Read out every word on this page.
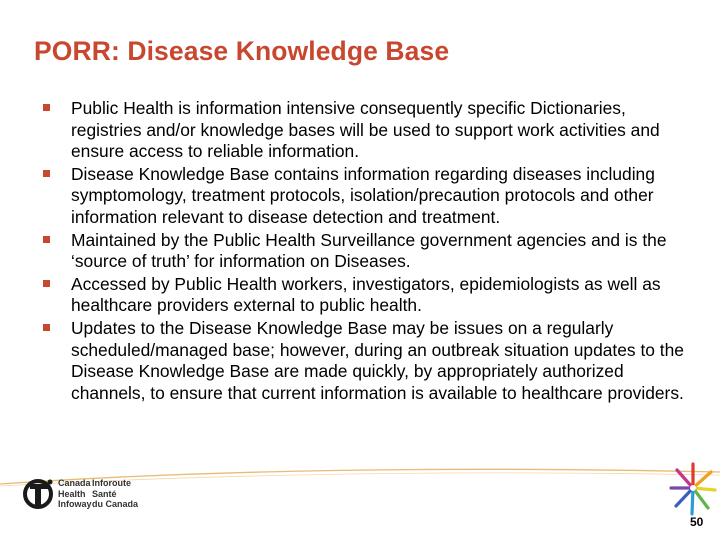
PORR: Disease Knowledge Base
Public Health is information intensive consequently specific Dictionaries, registries and/or knowledge bases will be used to support work activities and ensure access to reliable information.
Disease Knowledge Base contains information regarding diseases including symptomology, treatment protocols, isolation/precaution protocols and other information relevant to disease detection and treatment.
Maintained by the Public Health Surveillance government agencies and is the ‘source of truth’ for information on Diseases.
Accessed by Public Health workers, investigators, epidemiologists as well as healthcare providers external to public health.
Updates to the Disease Knowledge Base may be issues on a regularly scheduled/managed base; however, during an outbreak situation updates to the Disease Knowledge Base are made quickly, by appropriately authorized channels, to ensure that current information is available to healthcare providers.
Canada
Health
Infoway
Inforoute
Santé
du Canada
50
